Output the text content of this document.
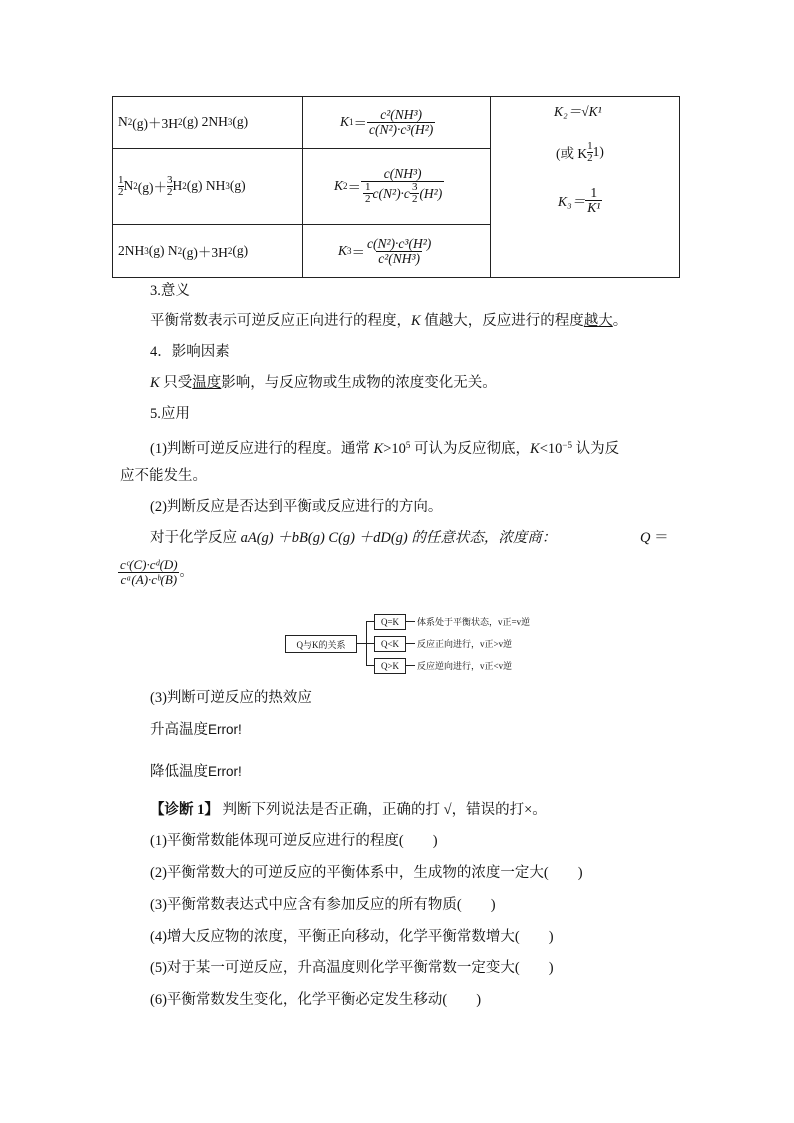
N 2 (g)＋3H 2 (g) 2NH 3 (g)	K $1 = \frac{\text{c²(NH³)}}{\text{c(N²)·c³(H²)}}$
$\frac{1}{2}$ N 2 $(g)+ \frac{3}{2}$ H 2 (g) NH 3 (g)	K $2 = \frac{\text{c(NH³)}}{\frac{1}{2} c (N^2)\cdot c \frac{3}{2} (H^2)}$
2NH 3 (g) N 2 (g)＋3H 2 (g)	K $3 = \frac{\text{c(N²)·c³(H²)}}{\text{c²(NH³)}}$
K₂＝√K¹
(或 K $\frac{1}{2} 1$)
$K_3= \frac{1}{\text{K¹}}$
3.意义
平衡常数表示可逆反应正向进行的程度，K 值越大，反应进行的程度越大。
4．影响因素
K 只受温度影响，与反应物或生成物的浓度变化无关。
5.应用
(1)判断可逆反应进行的程度。通常 $K>10^5$ 可认为反应彻底，$K<10^{-5}$ 认为反
应不能发生。
(2)判断反应是否达到平衡或反应进行的方向。
对于化学反应 aA(g) ＋bB(g) C(g) ＋dD(g) 的任意状态，浓度商：	Q ＝
$\frac{\text{cᶜ(C)·cᵈ(D)}}{\text{cᵃ(A)·cᵇ(B)}}$ 。
Q与K的关系
Q=K
Q<K
Q>K
体系处于平衡状态，v正=v逆
反应正向进行，v正>v逆
反应逆向进行，v正<v逆
(3)判断可逆反应的热效应
升高温度Error!
降低温度Error!
【诊断 1】 判断下列说法是否正确，正确的打 √，错误的打×。
(1)平衡常数能体现可逆反应进行的程度(　　)
(2)平衡常数大的可逆反应的平衡体系中，生成物的浓度一定大(　　)
(3)平衡常数表达式中应含有参加反应的所有物质(　　)
(4)增大反应物的浓度，平衡正向移动，化学平衡常数增大(　　)
(5)对于某一可逆反应，升高温度则化学平衡常数一定变大(　　)
(6)平衡常数发生变化，化学平衡必定发生移动(　　)
